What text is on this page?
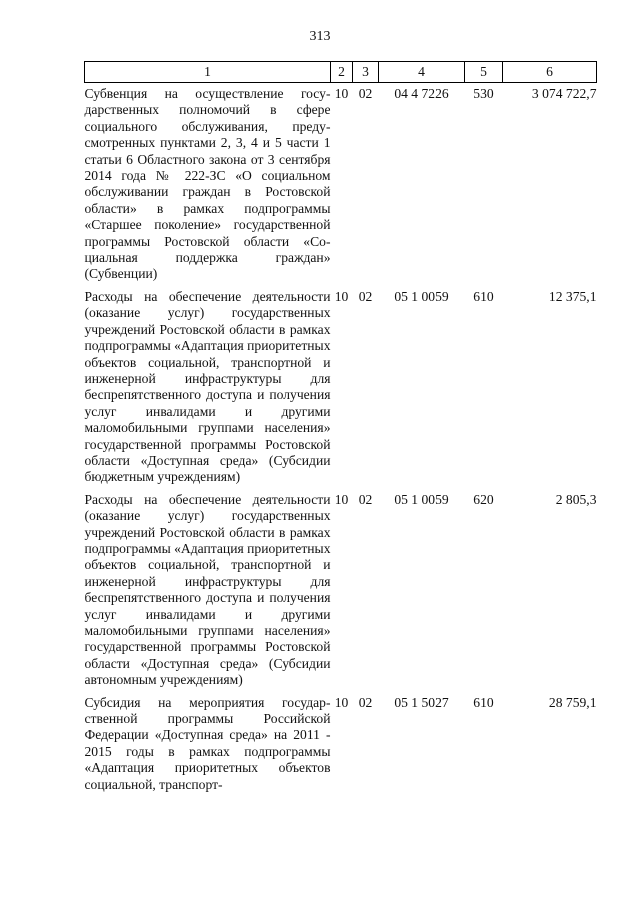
313
1	2	3	4	5	6
Субвенция на осуществление государственных полномочий в сфере социального обслуживания, предусмотренных пунктами 2, 3, 4 и 5 части 1 статьи 6 Областного закона от 3 сентября 2014 года № 222-ЗС «О социальном обслуживании граждан в Ростовской области» в рамках подпрограммы «Старшее поколение» государственной программы Ростовской области «Социальная поддержка граждан» (Субвенции)	10	02	04 4 7226	530	3 074 722,7
Расходы на обеспечение деятельности (оказание услуг) государственных учреждений Ростовской области в рамках подпрограммы «Адаптация приоритетных объектов социальной, транспортной и инженерной инфраструктуры для беспрепятственного доступа и получения услуг инвалидами и другими маломобильными группами населения» государственной программы Ростовской области «Доступная среда» (Субсидии бюджетным учреждениям)	10	02	05 1 0059	610	12 375,1
Расходы на обеспечение деятельности (оказание услуг) государственных учреждений Ростовской области в рамках подпрограммы «Адаптация приоритетных объектов социальной, транспортной и инженерной инфраструктуры для беспрепятственного доступа и получения услуг инвалидами и другими маломобильными группами населения» государственной программы Ростовской области «Доступная среда» (Субсидии автономным учреждениям)	10	02	05 1 0059	620	2 805,3
Субсидия на мероприятия государственной программы Российской Федерации «Доступная среда» на 2011 - 2015 годы в рамках подпрограммы «Адаптация приоритетных объектов социальной, транспорт-	10	02	05 1 5027	610	28 759,1
